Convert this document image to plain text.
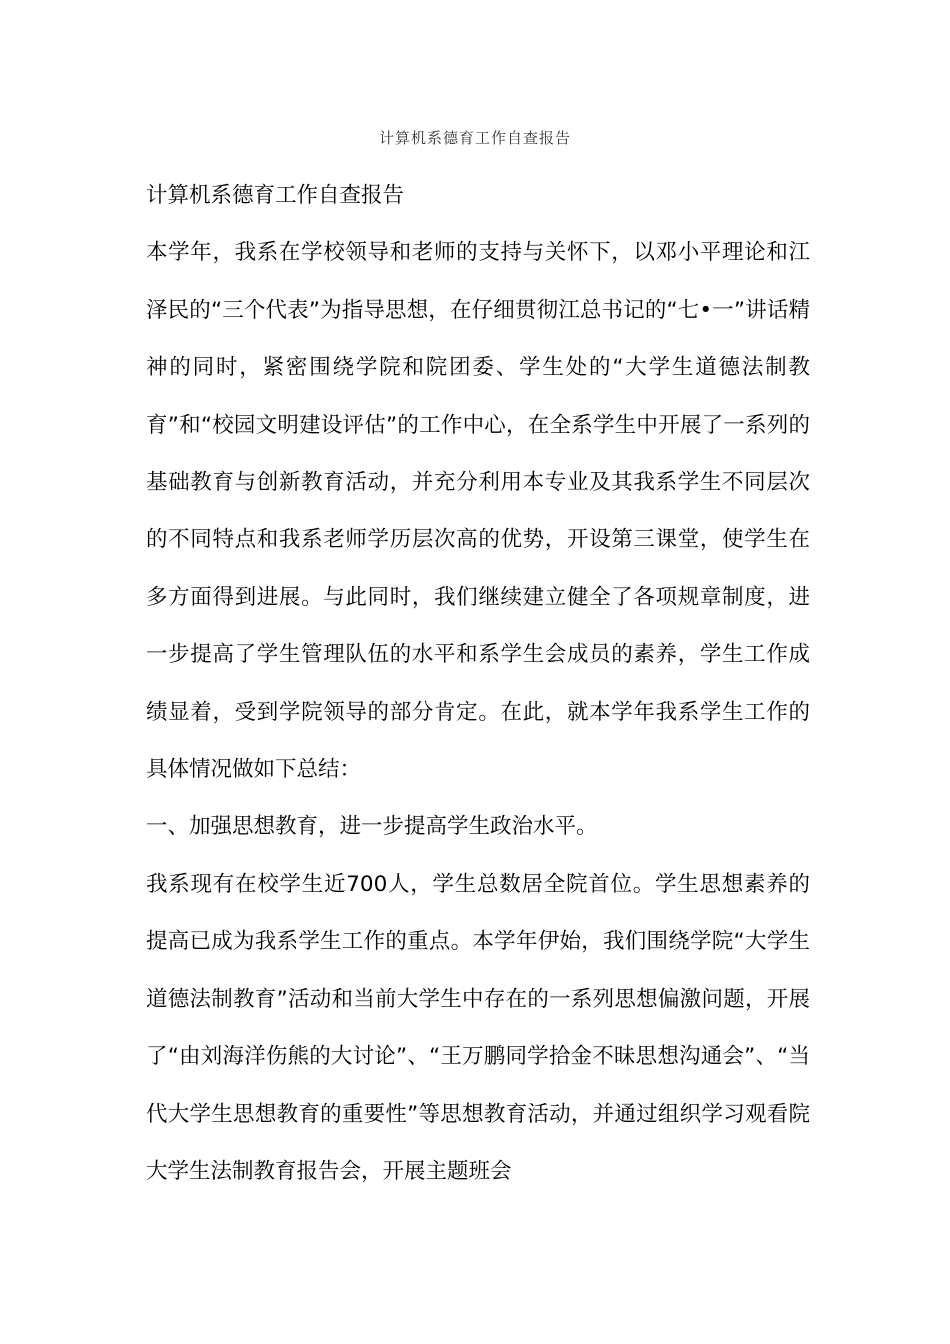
计算机系德育工作自查报告

计算机系德育工作自查报告

本学年，我系在学校领导和老师的支持与关怀下，以邓小平理论和江泽民的“三个代表”为指导思想，在仔细贯彻江总书记的“七•一”讲话精神的同时，紧密围绕学院和院团委、学生处的“大学生道德法制教育”和“校园文明建设评估”的工作中心，在全系学生中开展了一系列的基础教育与创新教育活动，并充分利用本专业及其我系学生不同层次的不同特点和我系老师学历层次高的优势，开设第三课堂，使学生在多方面得到进展。与此同时，我们继续建立健全了各项规章制度，进一步提高了学生管理队伍的水平和系学生会成员的素养，学生工作成绩显着，受到学院领导的部分肯定。在此，就本学年我系学生工作的具体情况做如下总结：

一、加强思想教育，进一步提高学生政治水平。

我系现有在校学生近700人，学生总数居全院首位。学生思想素养的提高已成为我系学生工作的重点。本学年伊始，我们围绕学院“大学生道德法制教育”活动和当前大学生中存在的一系列思想偏激问题，开展了“由刘海洋伤熊的大讨论”、“王万鹏同学拾金不昧思想沟通会”、“当代大学生思想教育的重要性”等思想教育活动，并通过组织学习观看院大学生法制教育报告会，开展主题班会
